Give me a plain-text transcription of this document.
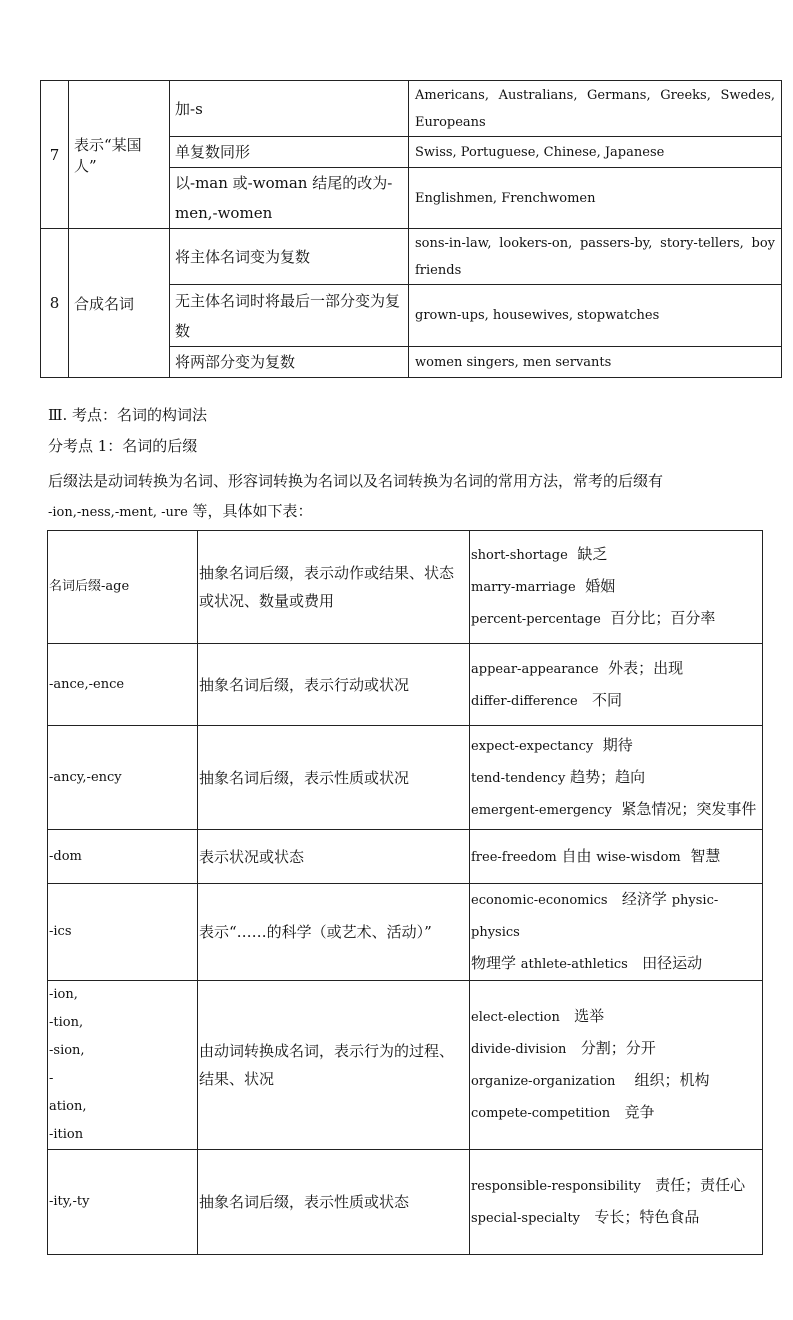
7	表示“某国人”	加-s	Americans, Australians, Germans, Greeks, Swedes, Europeans
		单复数同形	Swiss, Portuguese, Chinese, Japanese
		以-man 或-woman 结尾的改为-men,-women	Englishmen, Frenchwomen
8	合成名词	将主体名词变为复数	sons-in-law, lookers-on, passers-by, story-tellers, boy friends
		无主体名词时将最后一部分变为复数	grown-ups, housewives, stopwatches
		将两部分变为复数	women singers, men servants
Ⅲ. 考点：名词的构词法
分考点 1：名词的后缀
后缀法是动词转换为名词、形容词转换为名词以及名词转换为名词的常用方法，常考的后缀有
-ion,-ness,-ment, -ure 等，具体如下表：
名词后缀-age	抽象名词后缀，表示动作或结果、状态或状况、数量或费用	short-shortage 缺乏
marry-marriage 婚姻
percent-percentage 百分比；百分率

-ance,-ence	抽象名词后缀，表示行动或状况	appear-appearance 外表；出现
differ-difference 不同

-ancy,-ency	抽象名词后缀，表示性质或状况	expect-expectancy 期待
tend-tendency 趋势；趋向
emergent-emergency 紧急情况；突发事件

-dom	表示状况或状态	free-freedom 自由 wise-wisdom 智慧

-ics	表示“……的科学（或艺术、活动）”	economic-economics 经济学 physic-physics
物理学 athlete-athletics 田径运动

-ion, -tion, -sion, -ation, -ition	由动词转换成名词，表示行为的过程、结果、状况	elect-election 选举
divide-division 分割；分开
organize-organization 组织；机构
compete-competition 竞争

-ity,-ty	抽象名词后缀，表示性质或状态	responsible-responsibility 责任；责任心
special-specialty 专长；特色食品
